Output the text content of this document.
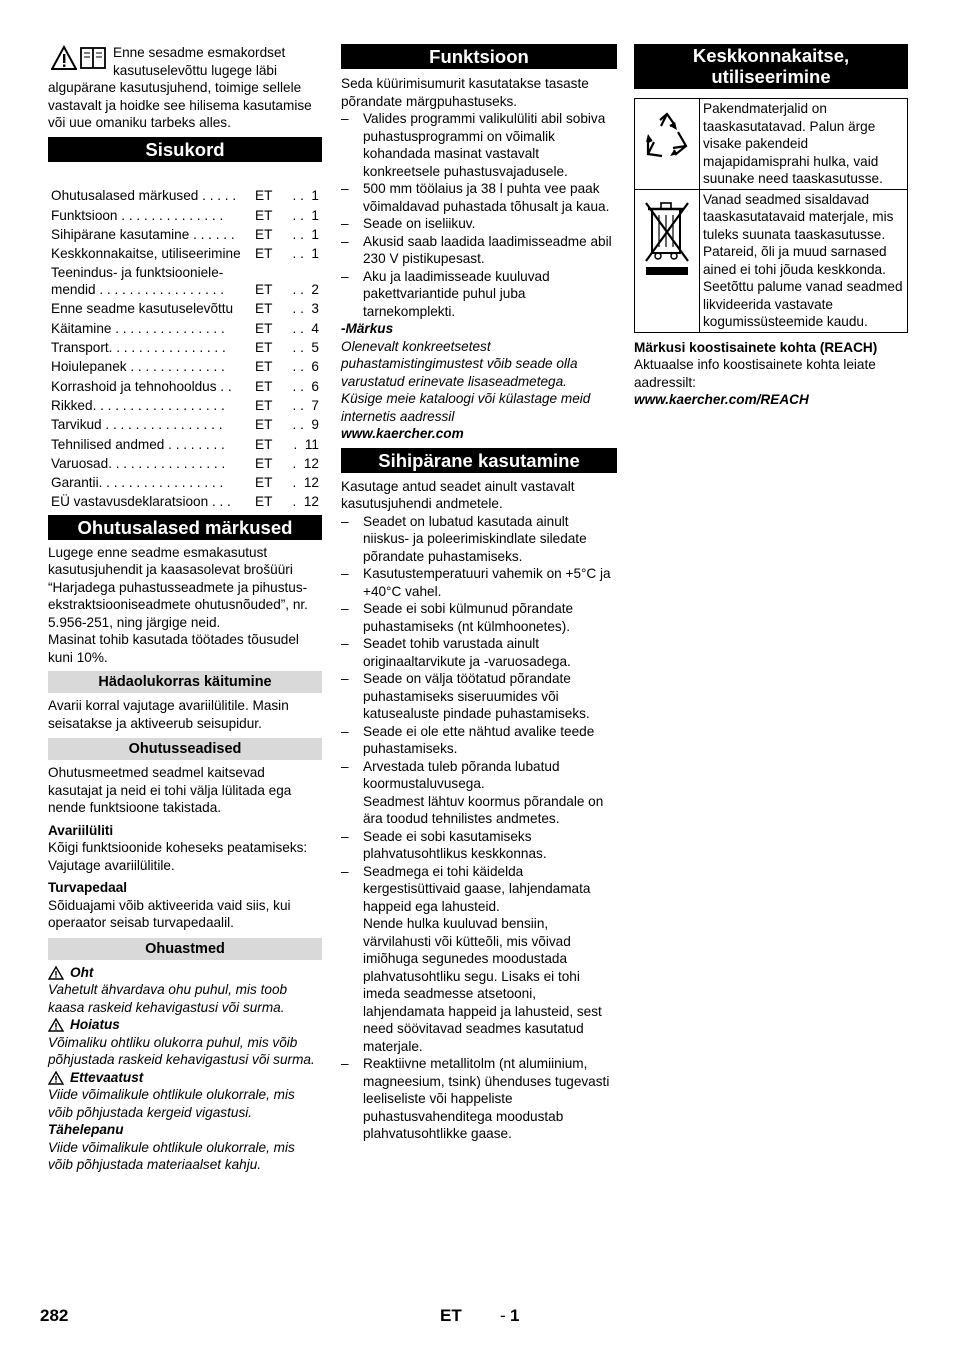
Enne sesadme esmakordset kasutuselevõttu lugege läbi algupärane kasutusjuhend, toimige sellele vastavalt ja hoidke see hilisema kasutamise või uue omaniku tarbeks alles.

Sisukord
Ohutusalased märkused . . . . .	ET	. .  1
Funktsioon . . . . . . . . . . . . . .	ET	. .  1
Sihipärane kasutamine . . . . . .	ET	. .  1
Keskkonnakaitse, utiliseerimine	ET	. .  1
Teenindus- ja funktsiooniele-mendid . . . . . . . . . . . . . . . . .	ET	. .  2
Enne seadme kasutuselevõttu	ET	. .  3
Käitamine . . . . . . . . . . . . . . .	ET	. .  4
Transport. . . . . . . . . . . . . . . .	ET	. .  5
Hoiulepanek . . . . . . . . . . . . .	ET	. .  6
Korrashoid ja tehnohooldus . .	ET	. .  6
Rikked. . . . . . . . . . . . . . . . . .	ET	. .  7
Tarvikud . . . . . . . . . . . . . . . .	ET	. .  9
Tehnilised andmed . . . . . . . .	ET	.  11
Varuosad. . . . . . . . . . . . . . . .	ET	.  12
Garantii. . . . . . . . . . . . . . . . .	ET	.  12
EÜ vastavusdeklaratsioon . . .	ET	.  12
Ohutusalased märkused

Lugege enne seadme esmakasutust kasutusjuhendit ja kaasasolevat brošüüri “Harjadega puhastusseadmete ja pihustus-ekstraktsiooniseadmete ohutusnõuded”, nr. 5.956-251, ning järgige neid.

Masinat tohib kasutada töötades tõusudel kuni 10%.

Hädaolukorras käitumine

Avarii korral vajutage avariilülitile. Masin seisatakse ja aktiveerub seisupidur.

Ohutusseadised

Ohutusmeetmed seadmel kaitsevad kasutajat ja neid ei tohi välja lülitada ega nende funktsioone takistada.

Avariilüliti

Kõigi funktsioonide koheseks peatamiseks: Vajutage avariilülitile.

Turvapedaal

Sõiduajami võib aktiveerida vaid siis, kui operaator seisab turvapedaalil.

Ohuastmed
Oht

Vahetult ähvardava ohu puhul, mis toob kaasa raskeid kehavigastusi või surma.

Hoiatus

Võimaliku ohtliku olukorra puhul, mis võib põhjustada raskeid kehavigastusi või surma.

Ettevaatust

Viide võimalikule ohtlikule olukorrale, mis võib põhjustada kergeid vigastusi.

Tähelepanu

Viide võimalikule ohtlikule olukorrale, mis võib põhjustada materiaalset kahju.

Funktsioon

Seda küürimisumurit kasutatakse tasaste põrandate märgpuhastuseks.

– Valides programmi valikulüliti abil sobiva puhastusprogrammi on võimalik kohandada masinat vastavalt konkreetsele puhastusvajadusele.
– 500 mm töölaius ja 38 l puhta vee paak võimaldavad puhastada tõhusalt ja kaua.
– Seade on iseliikuv.
– Akusid saab laadida laadimisseadme abil 230 V pistikupesast.
– Aku ja laadimisseade kuuluvad pakettvariantide puhul juba tarnekomplekti.

-Märkus

Olenevalt konkreetsetest puhastamistingimustest võib seade olla varustatud erinevate lisaseadmetega.

Küsige meie kataloogi või külastage meid internetis aadressil

www.kaercher.com

Sihipärane kasutamine

Kasutage antud seadet ainult vastavalt kasutusjuhendi andmetele.

– Seadet on lubatud kasutada ainult niiskus- ja poleerimiskindlate siledate põrandate puhastamiseks.
– Kasutustemperatuuri vahemik on +5°C ja +40°C vahel.
– Seade ei sobi külmunud põrandate puhastamiseks (nt külmhoonetes).
– Seadet tohib varustada ainult originaaltarvikute ja -varuosadega.
– Seade on välja töötatud põrandate puhastamiseks siseruumides või katusealuste pindade puhastamiseks.
– Seade ei ole ette nähtud avalike teede puhastamiseks.
– Arvestada tuleb põranda lubatud koormustaluvusega.
Seadmest lähtuv koormus põrandale on ära toodud tehnilistes andmetes.
– Seade ei sobi kasutamiseks plahvatusohtlikus keskkonnas.
– Seadmega ei tohi käidelda kergestisüttivaid gaase, lahjendamata happeid ega lahusteid.
Nende hulka kuuluvad bensiin, värvilahusti või kütteõli, mis võivad imiõhuga segunedes moodustada plahvatusohtliku segu. Lisaks ei tohi imeda seadmesse atsetooni, lahjendamata happeid ja lahusteid, sest need söövitavad seadmes kasutatud materjale.
– Reaktiivne metallitolm (nt alumiinium, magneesium, tsink) ühenduses tugevasti leeliseliste või happeliste puhastusvahenditega moodustab plahvatusohtlikke gaase.
Keskkonnakaitse, utiliseerimine
	Pakendmaterjalid on taaskasutatavad. Palun ärge visake pakendeid majapidamisprahi hulka, vaid suunake need taaskasutusse.
	Vanad seadmed sisaldavad taaskasutatavaid materjale, mis tuleks suunata taaskasutusse. Patareid, õli ja muud sarnased ained ei tohi jõuda keskkonda. Seetõttu palume vanad seadmed likvideerida vastavate kogumissüsteemide kaudu.

Märkusi koostisainete kohta (REACH)

Aktuaalse info koostisainete kohta leiate aadressilt:

www.kaercher.com/REACH

282	ET - 1
